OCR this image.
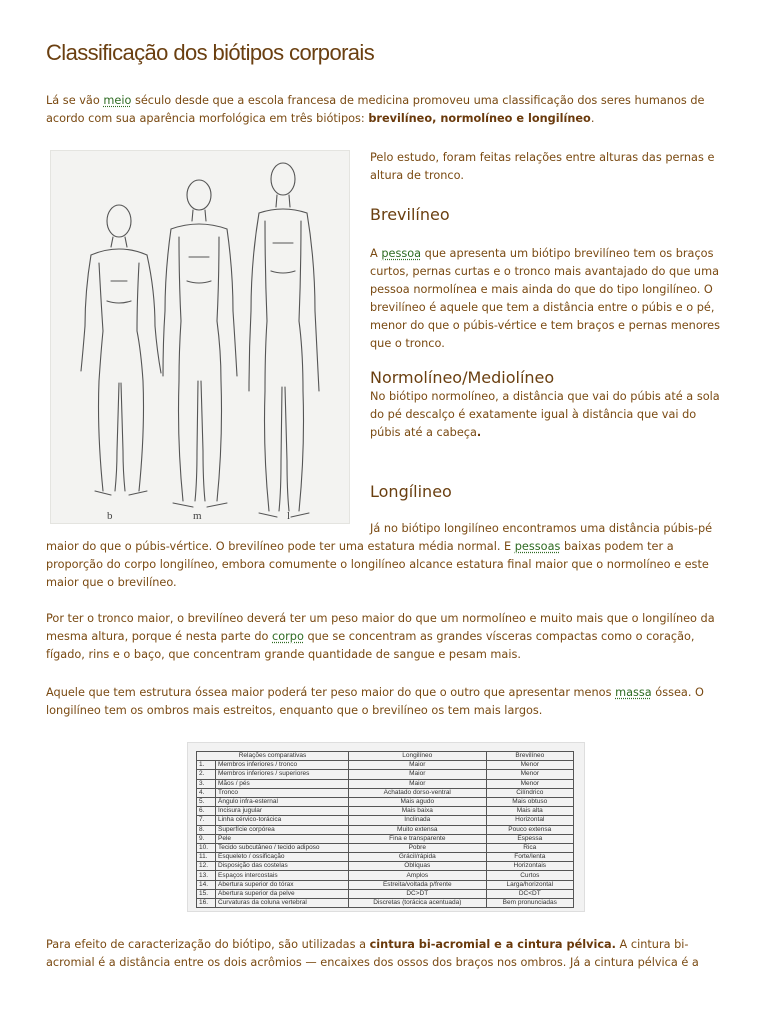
Classificação dos biótipos corporais

Lá se vão meio século desde que a escola francesa de medicina promoveu uma classificação dos seres humanos de acordo com sua aparência morfológica em três biótipos: brevilíneo, normolíneo e longilíneo.

b	m	l

Pelo estudo, foram feitas relações entre alturas das pernas e altura de tronco.

Brevilíneo

A pessoa que apresenta um biótipo brevilíneo tem os braços curtos, pernas curtas e o tronco mais avantajado do que uma pessoa normolínea e mais ainda do que do tipo longilíneo. O brevilíneo é aquele que tem a distância entre o púbis e o pé, menor do que o púbis-vértice e tem braços e pernas menores que o tronco.

Normolíneo/Mediolíneo

No biótipo normolíneo, a distância que vai do púbis até a sola do pé descalço é exatamente igual à distância que vai do púbis até a cabeça.

Longílineo

Já no biótipo longilíneo encontramos uma distância púbis-pé maior do que o púbis-vértice. O brevilíneo pode ter uma estatura média normal. E pessoas baixas podem ter a proporção do corpo longilíneo, embora comumente o longilíneo alcance estatura final maior que o normolíneo e este maior que o brevilíneo.

Por ter o tronco maior, o brevilíneo deverá ter um peso maior do que um normolíneo e muito mais que o longilíneo da mesma altura, porque é nesta parte do corpo que se concentram as grandes vísceras compactas como o coração, fígado, rins e o baço, que concentram grande quantidade de sangue e pesam mais.

Aquele que tem estrutura óssea maior poderá ter peso maior do que o outro que apresentar menos massa óssea. O longilíneo tem os ombros mais estreitos, enquanto que o brevilíneo os tem mais largos.

Relações comparativas		Longilíneo	Brevilíneo
1.	Membros inferiores / tronco	Maior	Menor
2.	Membros inferiores / superiores	Maior	Menor
3.	Mãos / pés	Maior	Menor
4.	Tronco	Achatado dorso-ventral	Cilíndrico
5.	Ângulo infra-esternal	Mais agudo	Mais obtuso
6.	Incisura jugular	Mais baixa	Mais alta
7.	Linha cérvico-torácica	Inclinada	Horizontal
8.	Superfície corpórea	Muito extensa	Pouco extensa
9.	Pele	Fina e transparente	Espessa
10.	Tecido subcutâneo / tecido adiposo	Pobre	Rica
11.	Esqueleto / ossificação	Grácil/rápida	Forte/lenta
12.	Disposição das costelas	Oblíquas	Horizontais
13.	Espaços intercostais	Amplos	Curtos
14.	Abertura superior do tórax	Estreita/voltada p/frente	Larga/horizontal
15.	Abertura superior da pelve	DC>DT	DC<DT
16.	Curvaturas da coluna vertebral	Discretas (torácica acentuada)	Bem pronunciadas

Para efeito de caracterização do biótipo, são utilizadas a cintura bi-acromial e a cintura pélvica. A cintura bi-acromial é a distância entre os dois acrômios — encaixes dos ossos dos braços nos ombros. Já a cintura pélvica é a
